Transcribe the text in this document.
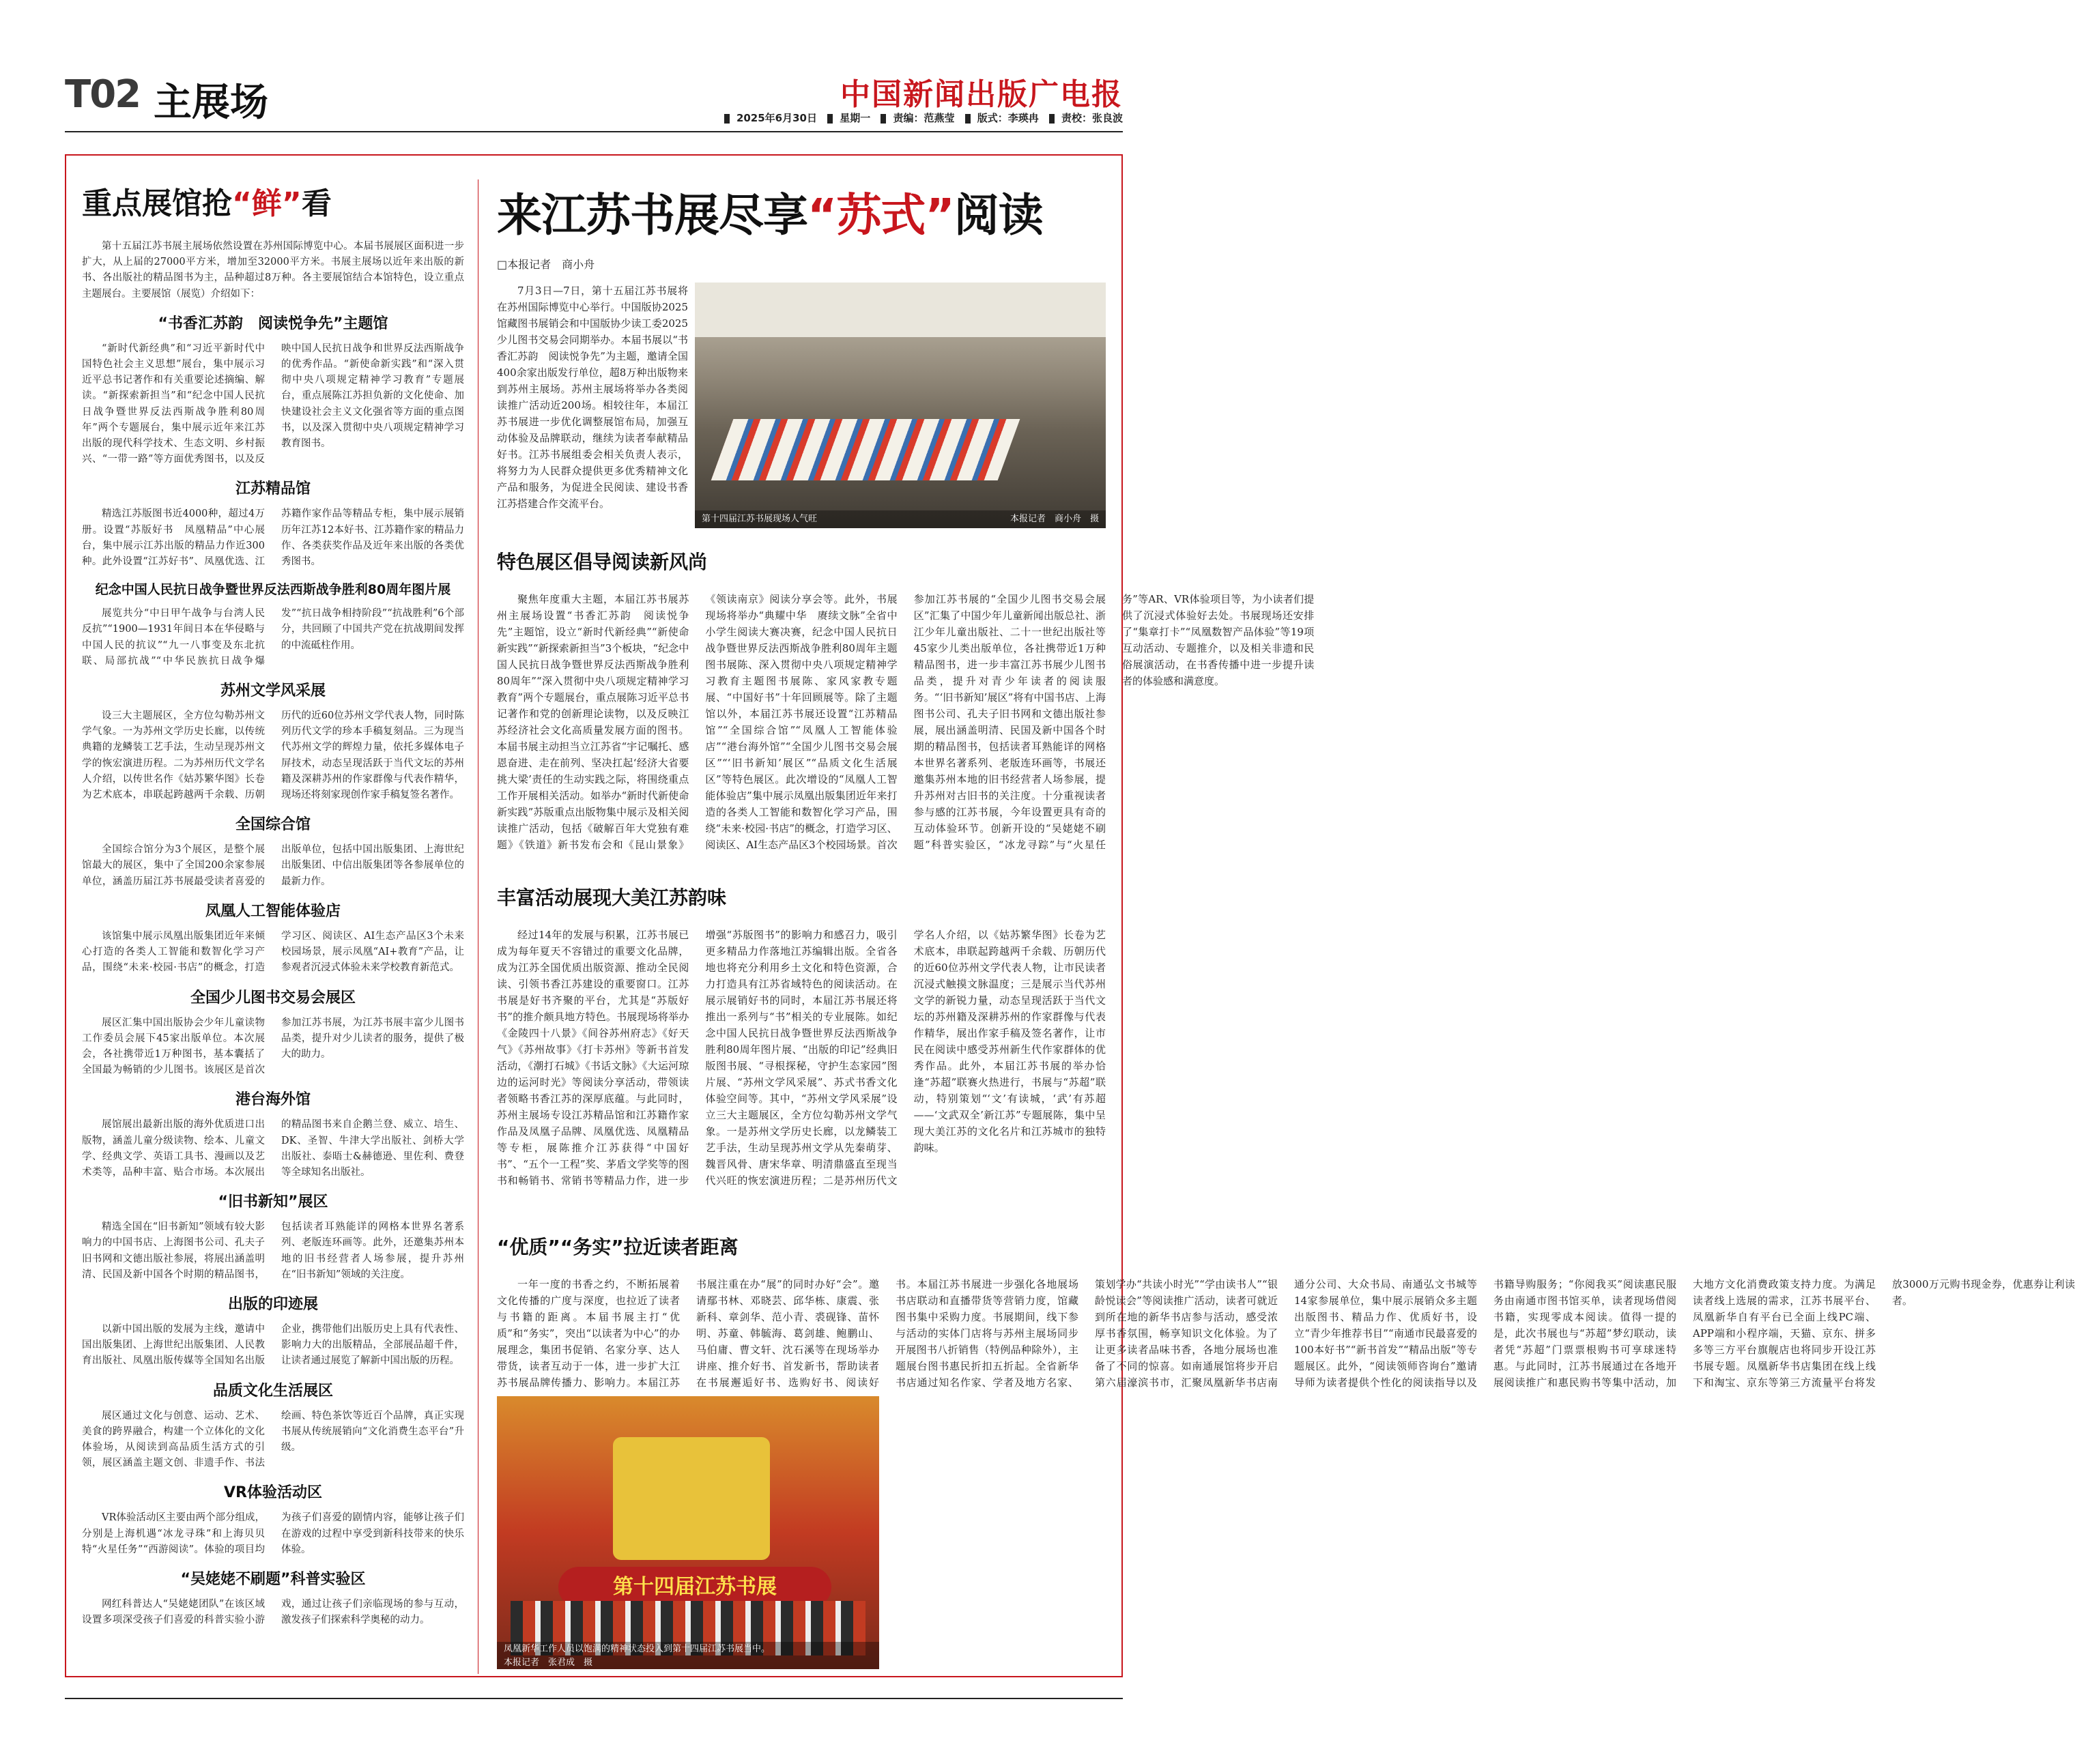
T02 主展场	中国新闻出版广电报
2025年6月30日 星期一 责编：范燕莹 版式：李瑛冉 责校：张良波
重点展馆抢“鲜”看

第十五届江苏书展主展场依然设置在苏州国际博览中心。本届书展展区面积进一步扩大，从上届的27000平方米，增加至32000平方米。书展主展场以近年来出版的新书、各出版社的精品图书为主，品种超过8万种。各主要展馆结合本馆特色，设立重点主题展台。主要展馆（展览）介绍如下：

“书香汇苏韵　阅读悦争先”主题馆
“新时代新经典”和“习近平新时代中国特色社会主义思想”展台，集中展示习近平总书记著作和有关重要论述摘编、解读。“新探索新担当”和“纪念中国人民抗日战争暨世界反法西斯战争胜利80周年”两个专题展台，集中展示近年来江苏出版的现代科学技术、生态文明、乡村振兴、“一带一路”等方面优秀图书，以及反映中国人民抗日战争和世界反法西斯战争的优秀作品。“新使命新实践”和“深入贯彻中央八项规定精神学习教育”专题展台，重点展陈江苏担负新的文化使命、加快建设社会主义文化强省等方面的重点图书，以及深入贯彻中央八项规定精神学习教育图书。
江苏精品馆
精选江苏版图书近4000种，超过4万册。设置“苏版好书　凤凰精品”中心展台，集中展示江苏出版的精品力作近300种。此外设置“江苏好书”、凤凰优选、江苏籍作家作品等精品专柜，集中展示展销历年江苏12本好书、江苏籍作家的精品力作、各类获奖作品及近年来出版的各类优秀图书。
纪念中国人民抗日战争暨世界反法西斯战争胜利80周年图片展
展览共分“中日甲午战争与台湾人民反抗”“1900—1931年间日本在华侵略与中国人民的抗议”“九一八事变及东北抗联、局部抗战”“中华民族抗日战争爆发”“抗日战争相持阶段”“抗战胜利”6个部分，共回顾了中国共产党在抗战期间发挥的中流砥柱作用。
苏州文学风采展
设三大主题展区，全方位勾勒苏州文学气象。一为苏州文学历史长廊，以传统典籍的龙鳞装工艺手法，生动呈现苏州文学的恢宏演进历程。二为苏州历代文学名人介绍，以传世名作《姑苏繁华图》长卷为艺术底本，串联起跨越两千余载、历朝历代的近60位苏州文学代表人物，同时陈列历代文学的珍本手稿复刻品。三为现当代苏州文学的辉煌力量，依托多媒体电子屏技术，动态呈现活跃于当代文坛的苏州籍及深耕苏州的作家群像与代表作精华，现场还将刻家现创作家手稿复签名著作。
全国综合馆
全国综合馆分为3个展区，是整个展馆最大的展区，集中了全国200余家参展单位，涵盖历届江苏书展最受读者喜爱的出版单位，包括中国出版集团、上海世纪出版集团、中信出版集团等各参展单位的最新力作。
凤凰人工智能体验店
该馆集中展示凤凰出版集团近年来倾心打造的各类人工智能和数智化学习产品，围绕“未来·校园·书店”的概念，打造学习区、阅读区、AI生态产品区3个未来校园场景，展示凤凰“AI+教育”产品，让参观者沉浸式体验未来学校教育新范式。
全国少儿图书交易会展区
展区汇集中国出版协会少年儿童读物工作委员会展下45家出版单位。本次展会，各社携带近1万种图书，基本囊括了全国最为畅销的少儿图书。该展区是首次参加江苏书展，为江苏书展丰富少儿图书品类，提升对少儿读者的服务，提供了极大的助力。
港台海外馆
展馆展出最新出版的海外优质进口出版物，涵盖儿童分级读物、绘本、儿童文学、经典文学、英语工具书、漫画以及艺术类等，品种丰富、贴合市场。本次展出的精品图书来自企鹅兰登、威立、培生、DK、圣智、牛津大学出版社、剑桥大学出版社、泰晤士&赫德逊、里佐利、费登等全球知名出版社。
“旧书新知”展区
精选全国在“旧书新知”领域有较大影响力的中国书店、上海图书公司、孔夫子旧书网和文德出版社参展，将展出涵盖明清、民国及新中国各个时期的精品图书，包括读者耳熟能详的网格本世界名著系列、老版连环画等。此外，还邀集苏州本地的旧书经营者人场参展，提升苏州在“旧书新知”领域的关注度。
出版的印迹展
以新中国出版的发展为主线，邀请中国出版集团、上海世纪出版集团、人民教育出版社、凤凰出版传媒等全国知名出版企业，携带他们出版历史上具有代表性、影响力大的出版精品，全部展品超千件，让读者通过展览了解新中国出版的历程。
品质文化生活展区
展区通过文化与创意、运动、艺术、美食的跨界融合，构建一个立体化的文化体验场，从阅读到高品质生活方式的引领，展区涵盖主题文创、非遗手作、书法绘画、特色茶饮等近百个品牌，真正实现书展从传统展销向“文化消费生态平台”升级。
VR体验活动区
VR体验活动区主要由两个部分组成，分别是上海机遇“冰龙寻珠”和上海贝贝特“火星任务”“西游阅读”。体验的项目均为孩子们喜爱的剧情内容，能够让孩子们在游戏的过程中享受到新科技带来的快乐体验。
“吴姥姥不刷题”科普实验区
网红科普达人“吴姥姥团队”在该区域设置多项深受孩子们喜爱的科普实验小游戏，通过让孩子们亲临现场的参与互动，激发孩子们探索科学奥秘的动力。
来江苏书展尽享“苏式”阅读
□本报记者　商小舟

7月3日—7日，第十五届江苏书展将在苏州国际博览中心举行。中国版协2025馆藏图书展销会和中国版协少读工委2025少儿图书交易会同期举办。本届书展以“书香汇苏韵　阅读悦争先”为主题，邀请全国400余家出版发行单位，超8万种出版物来到苏州主展场。苏州主展场将举办各类阅读推广活动近200场。相较往年，本届江苏书展进一步优化调整展馆布局，加强互动体验及品牌联动，继续为读者奉献精品好书。江苏书展组委会相关负责人表示，将努力为人民群众提供更多优秀精神文化产品和服务，为促进全民阅读、建设书香江苏搭建合作交流平台。

第十四届江苏书展现场人气旺	本报记者　商小舟　摄
特色展区倡导阅读新风尚
聚焦年度重大主题，本届江苏书展苏州主展场设置“书香汇苏韵　阅读悦争先”主题馆，设立“新时代新经典”“新使命新实践”“新探索新担当”3个板块，“纪念中国人民抗日战争暨世界反法西斯战争胜利80周年”“深入贯彻中央八项规定精神学习教育”两个专题展台，重点展陈习近平总书记著作和党的创新理论读物，以及反映江苏经济社会文化高质量发展方面的图书。本届书展主动担当立江苏省“宇记嘱托、感恩奋进、走在前列、坚决扛起‘经济大省要挑大梁’责任的生动实践之际，将围绕重点工作开展相关活动。如举办“新时代新使命新实践”苏版重点出版物集中展示及相关阅读推广活动，包括《破解百年大党独有难题》《铁道》新书发布会和《昆山景象》《领读南京》阅读分享会等。此外，书展现场将举办“典耀中华　赓续文脉”全省中小学生阅读大赛决赛，纪念中国人民抗日战争暨世界反法西斯战争胜利80周年主题图书展陈、深入贯彻中央八项规定精神学习教育主题图书展陈、家风家教专题展、“中国好书”十年回顾展等。除了主题馆以外，本届江苏书展还设置“江苏精品馆”“全国综合馆”“凤凰人工智能体验店”“港台海外馆”“全国少儿图书交易会展区”“‘旧书新知’展区”“品质文化生活展区”等特色展区。此次增设的“凤凰人工智能体验店”集中展示凤凰出版集团近年来打造的各类人工智能和数智化学习产品，围绕“未来·校园·书店”的概念，打造学习区、阅读区、AI生态产品区3个校园场景。首次参加江苏书展的“全国少儿图书交易会展区”汇集了中国少年儿童新闻出版总社、浙江少年儿童出版社、二十一世纪出版社等45家少儿类出版单位，各社携带近1万种精品图书，进一步丰富江苏书展少儿图书品类，提升对青少年读者的阅读服务。“‘旧书新知’展区”将有中国书店、上海图书公司、孔夫子旧书网和文德出版社参展，展出涵盖明清、民国及新中国各个时期的精品图书，包括读者耳熟能详的网格本世界名著系列、老版连环画等，书展还邀集苏州本地的旧书经营者人场参展，提升苏州对古旧书的关注度。十分重视读者参与感的江苏书展，今年设置更具有奇的互动体验环节。创新开设的“吴姥姥不刷题”科普实验区，“冰龙寻踪”与“火星任务”等AR、VR体验项目等，为小读者们提供了沉浸式体验好去处。书展现场还安排了“集章打卡”“凤凰数智产品体验”等19项互动活动、专题推介，以及相关非遗和民俗展演活动，在书香传播中进一步提升读者的体验感和满意度。
丰富活动展现大美江苏韵味
经过14年的发展与积累，江苏书展已成为每年夏天不容错过的重要文化品牌，成为江苏全国优质出版资源、推动全民阅读、引领书香江苏建设的重要窗口。江苏书展是好书齐聚的平台，尤其是“苏版好书”的推介颇具地方特色。书展现场将举办《金陵四十八景》《间谷苏州府志》《好天气》《苏州故事》《打卡苏州》等新书首发活动，《潮打石城》《书话文脉》《大运河琼边的运河时光》等阅读分享活动，带领读者领略书香江苏的深厚底蕴。与此同时，苏州主展场专设江苏精品馆和江苏籍作家作品及凤凰子品牌、凤凰优选、凤凰精品等专柜，展陈推介江苏获得“中国好书”、“五个一工程”奖、茅盾文学奖等的图书和畅销书、常销书等精品力作，进一步增强“苏版图书”的影响力和感召力，吸引更多精品力作落地江苏编辑出版。全省各地也将充分利用乡土文化和特色资源，合力打造具有江苏省域特色的阅读活动。在展示展销好书的同时，本届江苏书展还将推出一系列与“书”相关的专业展陈。如纪念中国人民抗日战争暨世界反法西斯战争胜利80周年图片展、“出版的印记”经典旧版图书展、“寻根探秘，守护生态家园”图片展、“苏州文学风采展”、苏式书香文化体验空间等。其中，“苏州文学风采展”设立三大主题展区，全方位勾勒苏州文学气象。一是苏州文学历史长廊，以龙鳞装工艺手法，生动呈现苏州文学从先秦萌芽、魏晋风骨、唐宋华章、明清鼎盛直至现当代兴旺的恢宏演进历程；二是苏州历代文学名人介绍，以《姑苏繁华图》长卷为艺术底本，串联起跨越两千余载、历朝历代的近60位苏州文学代表人物，让市民读者沉浸式触摸文脉温度；三是展示当代苏州文学的新锐力量，动态呈现活跃于当代文坛的苏州籍及深耕苏州的作家群像与代表作精华，展出作家手稿及签名著作，让市民在阅读中感受苏州新生代作家群体的优秀作品。此外，本届江苏书展的举办恰逢“苏超”联赛火热进行，书展与“苏超”联动，特别策划“‘文’有读城，‘武’有苏超——‘文武双全’新江苏”专题展陈，集中呈现大美江苏的文化名片和江苏城市的独特韵味。
“优质”“务实”拉近读者距离
一年一度的书香之约，不断拓展着文化传播的广度与深度，也拉近了读者与书籍的距离。本届书展主打“优质”和“务实”，突出“以读者为中心”的办展理念，集团书促销、名家分享、达人带货，读者互动于一体，进一步扩大江苏书展品牌传播力、影响力。本届江苏书展注重在办“展”的同时办好“会”。邀请鄢书林、邓晓芸、邱华栋、康震、张新科、章剑华、范小青、裘砚锋、苗怀明、苏童、韩毓海、葛剑雄、鲍鹏山、马伯庸、曹文轩、沈石溪等在现场举办讲座、推介好书、首发新书，帮助读者在书展邂逅好书、选购好书、阅读好书。本届江苏书展进一步强化各地展场书店联动和直播带货等营销力度，馆藏图书集中采购力度。书展期间，线下参与活动的实体门店将与苏州主展场同步开展图书八折销售（特例品种除外），主题展台图书惠民折扣五折起。全省新华书店通过知名作家、学者及地方名家、策划学办“共读小时光”“学由读书人”“银龄悦读会”等阅读推广活动，读者可就近到所在地的新华书店参与活动，感受浓厚书香氛围，畅享知识文化体验。为了让更多读者品味书香，各地分展场也准备了不同的惊喜。如南通展馆将步开启第六届濠滨书市，汇聚凤凰新华书店南通分公司、大众书局、南通弘文书城等14家参展单位，集中展示展销众多主题出版图书、精品力作、优质好书，设立“青少年推荐书目”“南通市民最喜爱的100本好书”“新书首发”“精品出版”等专题展区。此外，“阅读领师咨询台”邀请导师为读者提供个性化的阅读指导以及书籍导购服务；“你阅我买”阅读惠民服务由南通市图书馆买单，读者现场借阅书籍，实现零成本阅读。值得一提的是，此次书展也与“苏超”梦幻联动，读者凭“苏超”门票票根购书可享球迷特惠。与此同时，江苏书展通过在各地开展阅读推广和惠民购书等集中活动，加大地方文化消费政策支持力度。为满足读者线上选展的需求，江苏书展平台、凤凰新华自有平台已全面上线PC端、APP端和小程序端，天猫、京东、拼多多等三方平台旗舰店也将同步开设江苏书展专题。凤凰新华书店集团在线上线下和淘宝、京东等第三方流量平台将发放3000万元购书现金券，优惠券让利读者。
第十四届江苏书展
凤凰新华工作人员以饱满的精神状态投入到第十四届江苏书展当中。
本报记者　张君成　摄
